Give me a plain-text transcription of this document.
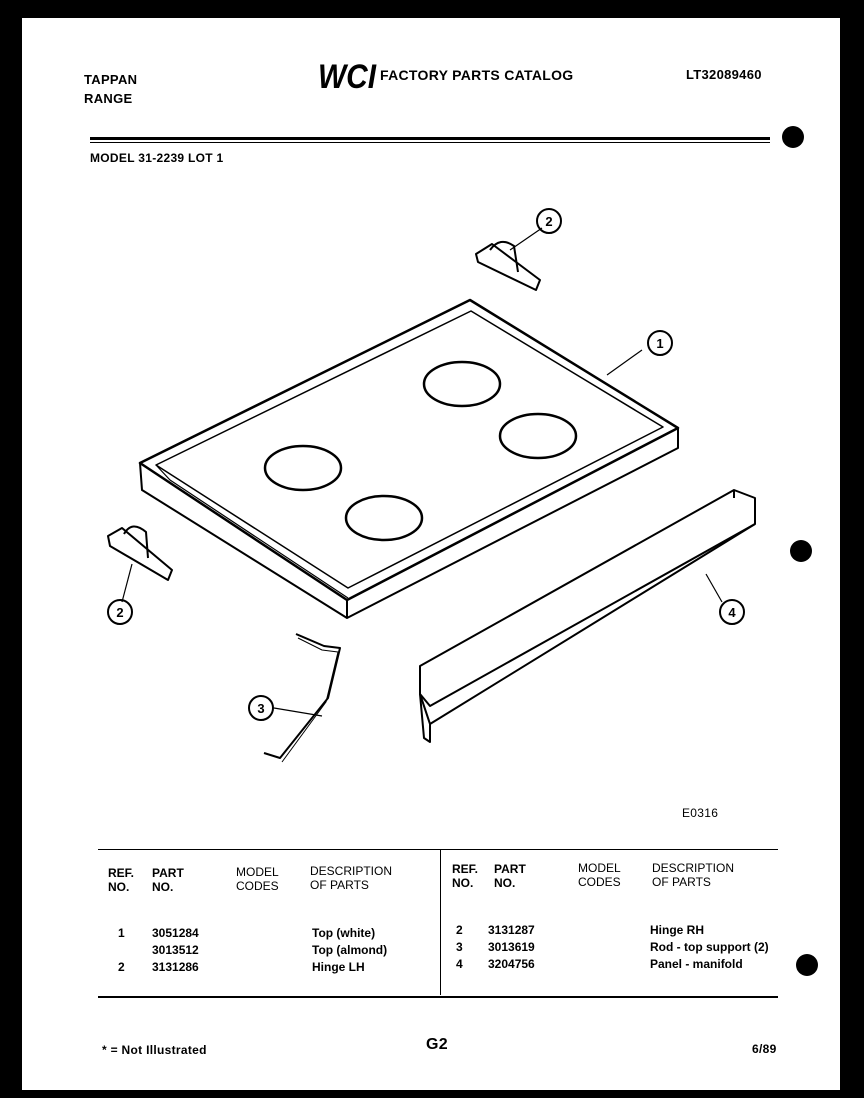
TAPPAN
RANGE
WCI FACTORY PARTS CATALOG	LT32089460
MODEL 31-2239 LOT 1
2
1
2
3
4
E0316
REF.
NO.
PART
NO.
MODEL
CODES
DESCRIPTION
OF PARTS
REF.
NO.
PART
NO.
MODEL
CODES
DESCRIPTION
OF PARTS
1 3051284	Top (white)
3013512	Top (almond)
2 3131286	Hinge LH
2 3131287	Hinge RH
3 3013619	Rod - top support (2)
4 3204756	Panel - manifold
* = Not Illustrated	G2	6/89
